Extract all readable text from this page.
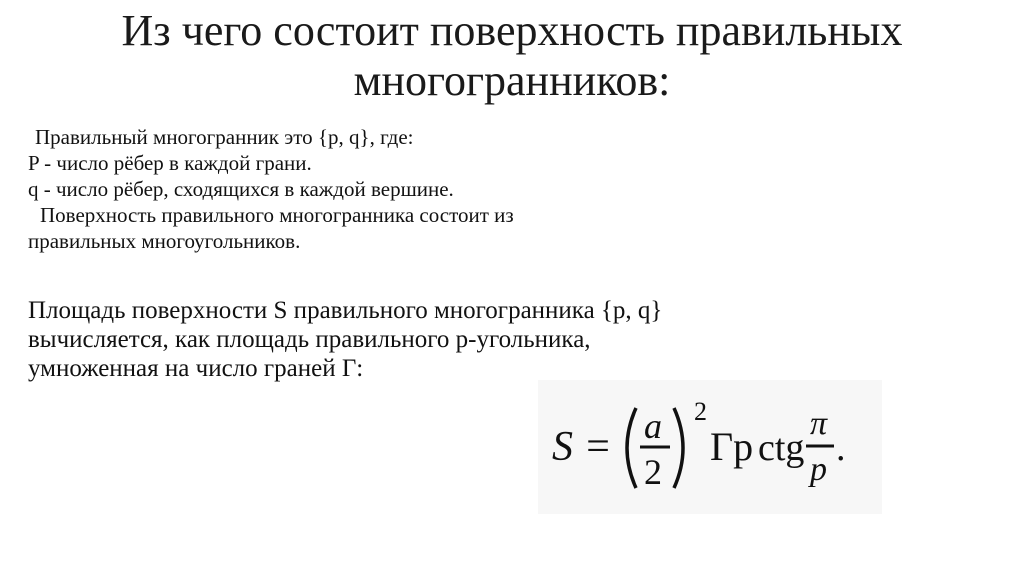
Из чего состоит поверхность правильных
многогранников:
Правильный многогранник это {p, q}, где:
P - число рёбер в каждой грани.
q - число рёбер, сходящихся в каждой вершине.
Поверхность правильного многогранника состоит из
правильных многоугольников.
Площадь поверхности S правильного многогранника {p, q}
вычисляется, как площадь правильного р-угольника,
умноженная на число граней Г:
S = a
2
2
Γp ctg
π
p
.
